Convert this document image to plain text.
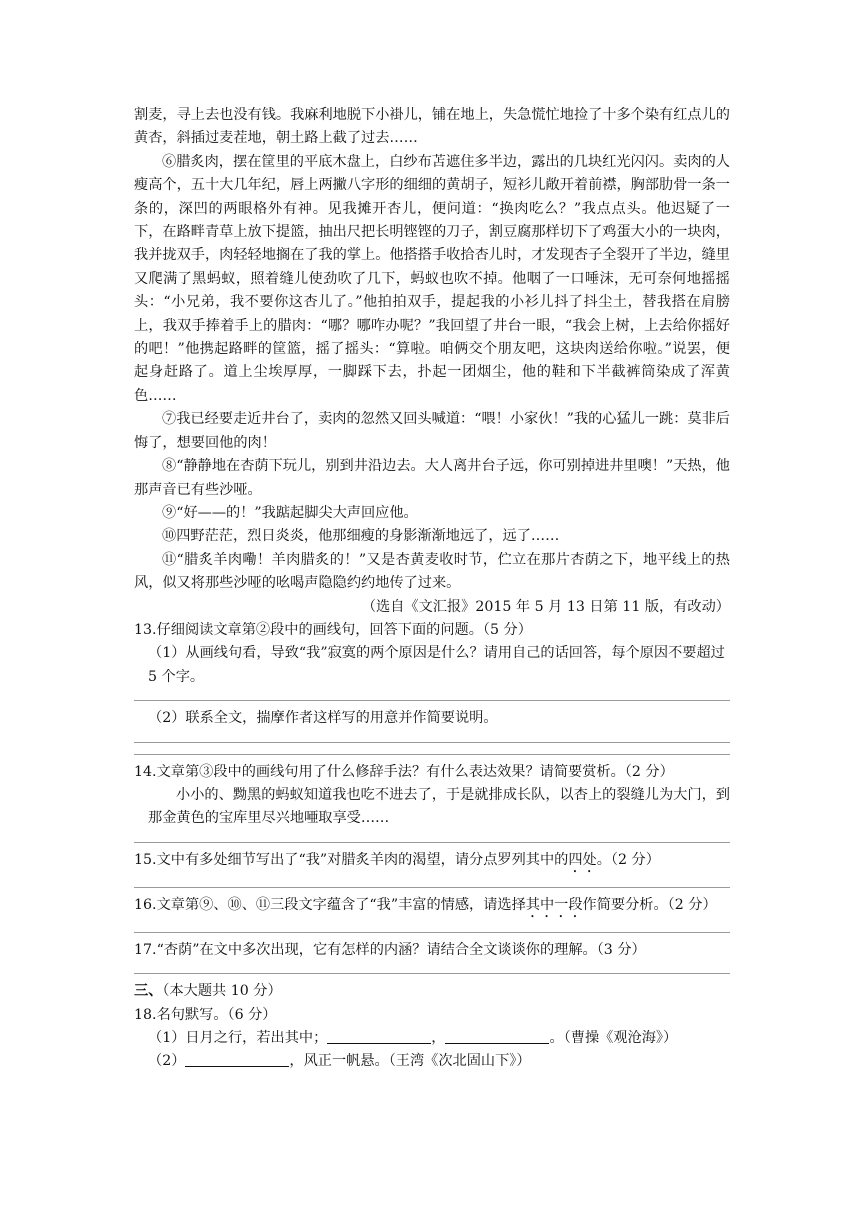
割麦，寻上去也没有钱。我麻利地脱下小褂儿，铺在地上，失急慌忙地捡了十多个染有红点儿的黄杏，斜插过麦茬地，朝土路上截了过去……

⑥腊炙肉，摆在筐里的平底木盘上，白纱布苫遮住多半边，露出的几块红光闪闪。卖肉的人瘦高个，五十大几年纪，唇上两撇八字形的细细的黄胡子，短衫儿敞开着前襟，胸部肋骨一条一条的，深凹的两眼格外有神。见我摊开杏儿，便问道：“换肉吃么？”我点点头。他迟疑了一下，在路畔青草上放下提篮，抽出尺把长明铿铿的刀子，割豆腐那样切下了鸡蛋大小的一块肉，我并拢双手，肉轻轻地搁在了我的掌上。他搭搭手收拾杏儿时，才发现杏子全裂开了半边，缝里又爬满了黑蚂蚁，照着缝儿使劲吹了几下，蚂蚁也吹不掉。他咽了一口唾沫，无可奈何地摇摇头：“小兄弟，我不要你这杏儿了。”他拍拍双手，提起我的小衫儿抖了抖尘土，替我搭在肩膀上，我双手捧着手上的腊肉：“哪？哪咋办呢？”我回望了井台一眼，“我会上树，上去给你摇好的吧！”他携起路畔的筐篮，摇了摇头：“算啦。咱俩交个朋友吧，这块肉送给你啦。”说罢，便起身赶路了。道上尘埃厚厚，一脚踩下去，扑起一团烟尘，他的鞋和下半截裤筒染成了浑黄色……

⑦我已经要走近井台了，卖肉的忽然又回头喊道：“喂！小家伙！”我的心猛儿一跳：莫非后悔了，想要回他的肉！

⑧“静静地在杏荫下玩儿，别到井沿边去。大人离井台子远，你可别掉进井里噢！”天热，他那声音已有些沙哑。

⑨“好——的！”我踮起脚尖大声回应他。

⑩四野茫茫，烈日炎炎，他那细瘦的身影渐渐地远了，远了……

⑪“腊炙羊肉嘞！羊肉腊炙的！”又是杏黄麦收时节，伫立在那片杏荫之下，地平线上的热风，似又将那些沙哑的吆喝声隐隐约约地传了过来。

（选自《文汇报》2015 年 5 月 13 日第 11 版，有改动）

13.仔细阅读文章第②段中的画线句，回答下面的问题。（5 分）

（1）从画线句看，导致“我”寂寞的两个原因是什么？请用自己的话回答，每个原因不要超过 5 个字。

（2）联系全文，揣摩作者这样写的用意并作简要说明。

14.文章第③段中的画线句用了什么修辞手法？有什么表达效果？请简要赏析。（2 分）

小小的、黝黑的蚂蚁知道我也吃不进去了，于是就排成长队，以杏上的裂缝儿为大门，到那金黄色的宝库里尽兴地唖取享受……

15.文中有多处细节写出了“我”对腊炙羊肉的渴望，请分点罗列其中的四处。（2 分）

16.文章第⑨、⑩、⑪三段文字蕴含了“我”丰富的情感，请选择其中一段作简要分析。（2 分）

17.“杏荫”在文中多次出现，它有怎样的内涵？请结合全文谈谈你的理解。（3 分）

三、（本大题共 10 分）

18.名句默写。（6 分）

（1）日月之行，若出其中；	，	。（曹操《观沧海》）

（2）	，风正一帆悬。（王湾《次北固山下》）
